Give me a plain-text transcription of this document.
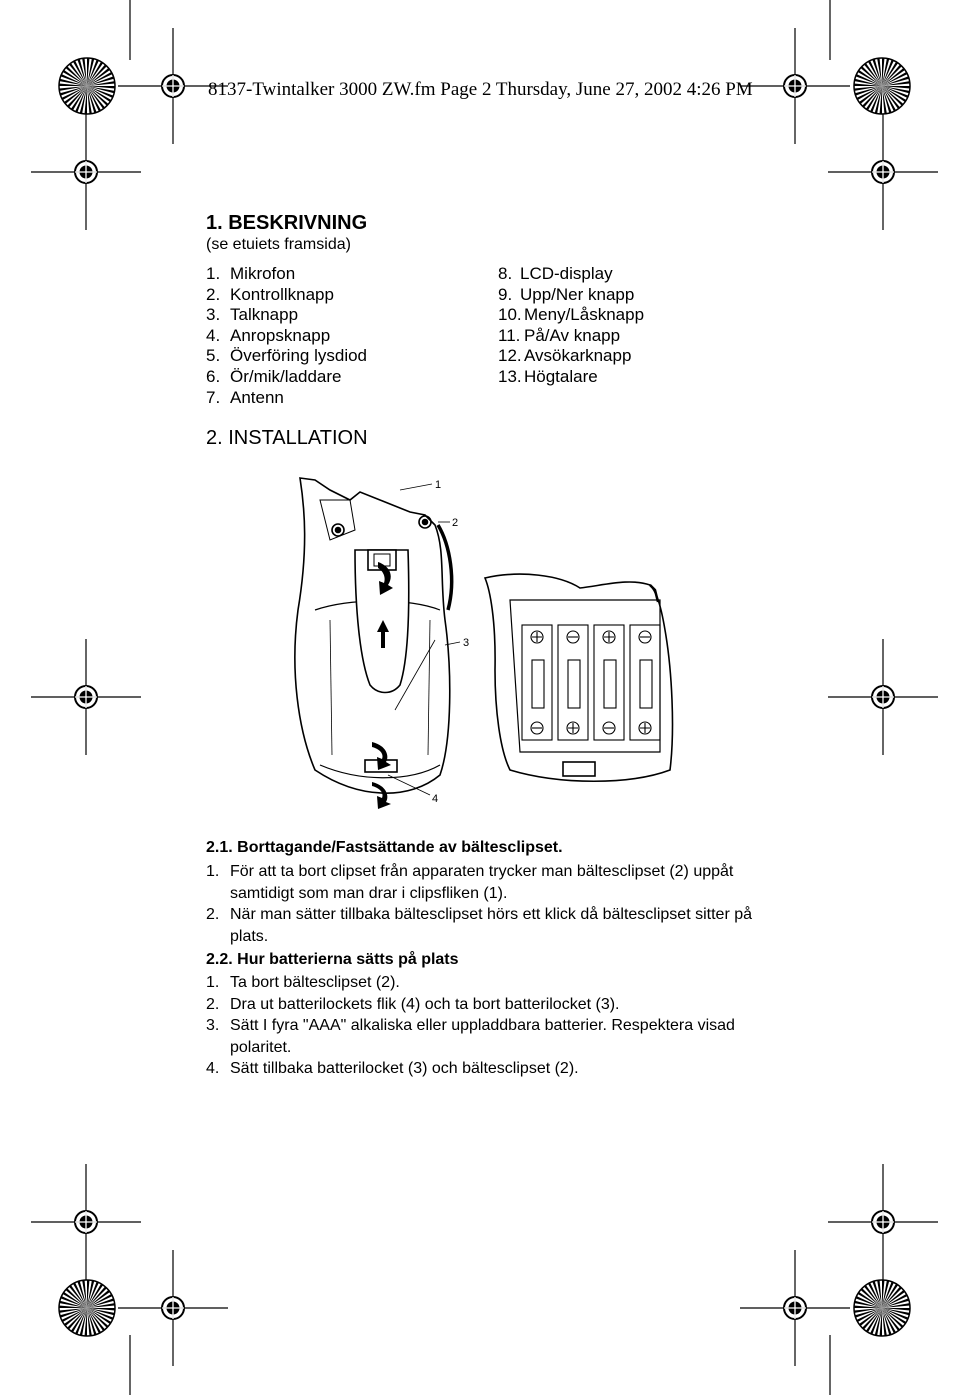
8137-Twintalker 3000 ZW.fm Page 2 Thursday, June 27, 2002 4:26 PM
1. BESKRIVNING
(se etuiets framsida)
1. Mikrofon
2. Kontrollknapp
3. Talknapp
4. Anropsknapp
5. Överföring lysdiod
6. Ör/mik/laddare
7. Antenn
8. LCD-display
9. Upp/Ner knapp
10. Meny/Låsknapp
11. På/Av knapp
12. Avsökarknapp
13. Högtalare
2. INSTALLATION
1
2
3
4
2.1. Borttagande/Fastsättande av bältesclipset.
1. För att ta bort clipset från apparaten trycker man bältesclipset (2) uppåt samtidigt som man drar i clipsfliken (1).
2. När man sätter tillbaka bältesclipset hörs ett klick då bältesclipset sitter på plats.
2.2. Hur batterierna sätts på plats
1. Ta bort bältesclipset (2).
2. Dra ut batterilockets flik (4) och ta bort batterilocket (3).
3. Sätt I fyra "AAA" alkaliska eller uppladdbara batterier. Respektera visad polaritet.
4. Sätt tillbaka batterilocket (3) och bältesclipset (2).
